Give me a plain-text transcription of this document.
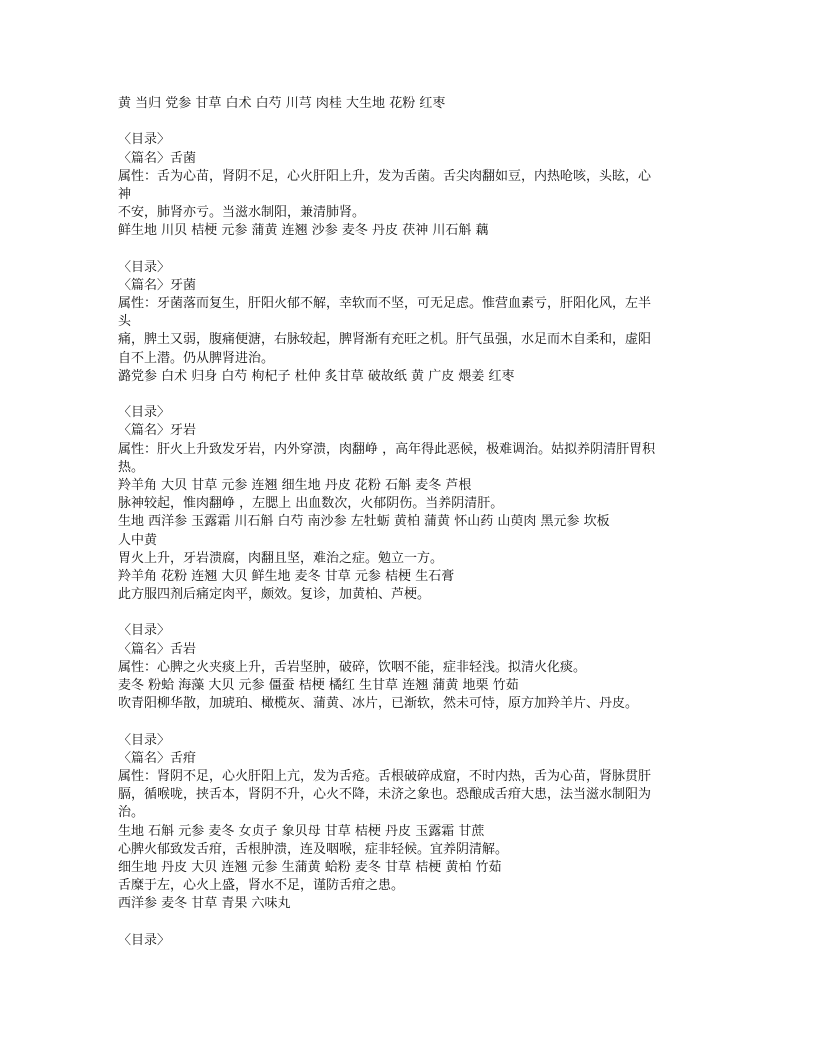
黄 当归 党参 甘草 白术 白芍 川芎 肉桂 大生地 花粉 红枣
〈目录〉
〈篇名〉舌菌
属性：舌为心苗，肾阴不足，心火肝阳上升，发为舌菌。舌尖肉翻如豆，内热呛咳，头眩，心
神
不安，肺肾亦亏。当滋水制阳，兼清肺肾。
鲜生地 川贝 桔梗 元参 蒲黄 连翘 沙参 麦冬 丹皮 茯神 川石斛 藕
〈目录〉
〈篇名〉牙菌
属性：牙菌落而复生，肝阳火郁不解，幸软而不坚，可无足虑。惟营血素亏，肝阳化风，左半
头
痛，脾土又弱，腹痛便溏，右脉较起，脾肾渐有充旺之机。肝气虽强，水足而木自柔和，虚阳
自不上潜。仍从脾肾进治。
潞党参 白术 归身 白芍 枸杞子 杜仲 炙甘草 破故纸 黄 广皮 煨姜 红枣
〈目录〉
〈篇名〉牙岩
属性：肝火上升致发牙岩，内外穿溃，肉翻峥 ，高年得此恶候，极难调治。姑拟养阴清肝胃积
热。
羚羊角 大贝 甘草 元参 连翘 细生地 丹皮 花粉 石斛 麦冬 芦根
脉神较起，惟肉翻峥 ，左腮上 出血数次，火郁阴伤。当养阴清肝。
生地 西洋参 玉露霜 川石斛 白芍 南沙参 左牡蛎 黄柏 蒲黄 怀山药 山萸肉 黑元参 坎板
人中黄
胃火上升，牙岩溃腐，肉翻且坚，难治之症。勉立一方。
羚羊角 花粉 连翘 大贝 鲜生地 麦冬 甘草 元参 桔梗 生石膏
此方服四剂后痛定肉平，颇效。复诊，加黄柏、芦梗。
〈目录〉
〈篇名〉舌岩
属性：心脾之火夹痰上升，舌岩坚肿，破碎，饮咽不能，症非轻浅。拟清火化痰。
麦冬 粉蛤 海藻 大贝 元参 僵蚕 桔梗 橘红 生甘草 连翘 蒲黄 地栗 竹茹
吹青阳柳华散，加琥珀、橄榄灰、蒲黄、冰片，已渐软，然未可恃，原方加羚羊片、丹皮。
〈目录〉
〈篇名〉舌疳
属性：肾阴不足，心火肝阳上亢，发为舌疮。舌根破碎成窟，不时内热，舌为心苗，肾脉贯肝
膈，循喉咙，挟舌本，肾阴不升，心火不降，未济之象也。恐酿成舌疳大患，法当滋水制阳为
治。
生地 石斛 元参 麦冬 女贞子 象贝母 甘草 桔梗 丹皮 玉露霜 甘蔗
心脾火郁致发舌疳，舌根肿溃，连及咽喉，症非轻候。宜养阴清解。
细生地 丹皮 大贝 连翘 元参 生蒲黄 蛤粉 麦冬 甘草 桔梗 黄柏 竹茹
舌糜于左，心火上盛，肾水不足，谨防舌疳之患。
西洋参 麦冬 甘草 青果 六味丸
〈目录〉
